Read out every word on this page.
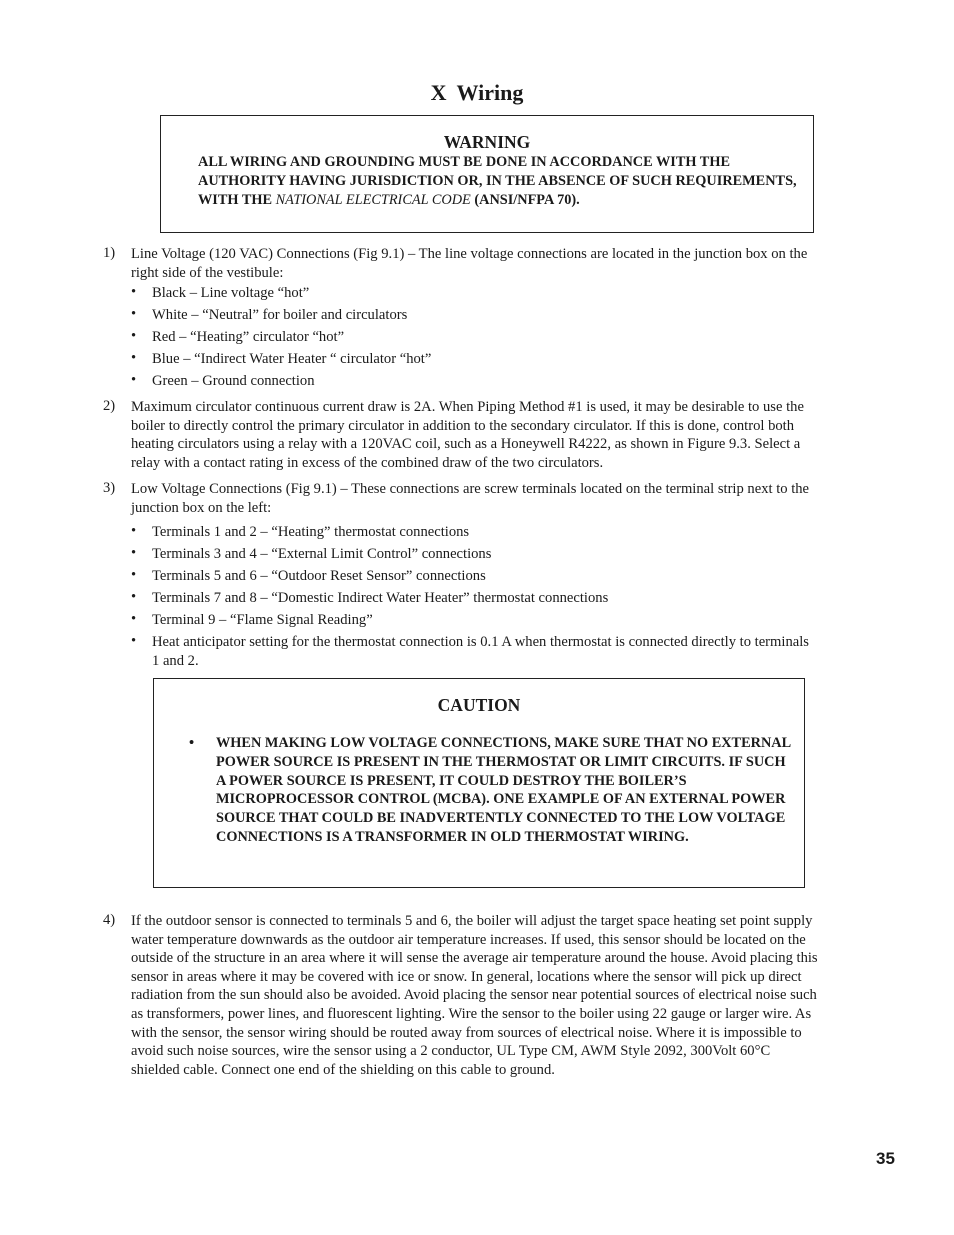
X Wiring
WARNING
ALL WIRING AND GROUNDING MUST BE DONE IN ACCORDANCE WITH THE AUTHORITY HAVING JURISDICTION OR, IN THE ABSENCE OF SUCH REQUIREMENTS, WITH THE NATIONAL ELECTRICAL CODE (ANSI/NFPA 70).
1)	Line Voltage (120 VAC) Connections (Fig 9.1) – The line voltage connections are located in the junction box on the right side of the vestibule:
• Black – Line voltage “hot”
• White – “Neutral” for boiler and circulators
• Red – “Heating” circulator “hot”
• Blue – “Indirect Water Heater “ circulator “hot”
• Green – Ground connection
2)	Maximum circulator continuous current draw is 2A. When Piping Method #1 is used, it may be desirable to use the boiler to directly control the primary circulator in addition to the secondary circulator. If this is done, control both heating circulators using a relay with a 120VAC coil, such as a Honeywell R4222, as shown in Figure 9.3. Select a relay with a contact rating in excess of the combined draw of the two circulators.
3)	Low Voltage Connections (Fig 9.1) – These connections are screw terminals located on the terminal strip next to the junction box on the left:
• Terminals 1 and 2 – “Heating” thermostat connections
• Terminals 3 and 4 – “External Limit Control” connections
• Terminals 5 and 6 – “Outdoor Reset Sensor” connections
• Terminals 7 and 8 – “Domestic Indirect Water Heater” thermostat connections
• Terminal 9 – “Flame Signal Reading”
• Heat anticipator setting for the thermostat connection is 0.1 A when thermostat is connected directly to terminals 1 and 2.
CAUTION
• WHEN MAKING LOW VOLTAGE CONNECTIONS, MAKE SURE THAT NO EXTERNAL POWER SOURCE IS PRESENT IN THE THERMOSTAT OR LIMIT CIRCUITS. IF SUCH A POWER SOURCE IS PRESENT, IT COULD DESTROY THE BOILER’S MICROPROCESSOR CONTROL (MCBA). ONE EXAMPLE OF AN EXTERNAL POWER SOURCE THAT COULD BE INADVERTENTLY CONNECTED TO THE LOW VOLTAGE CONNECTIONS IS A TRANSFORMER IN OLD THERMOSTAT WIRING.
4)	If the outdoor sensor is connected to terminals 5 and 6, the boiler will adjust the target space heating set point supply water temperature downwards as the outdoor air temperature increases. If used, this sensor should be located on the outside of the structure in an area where it will sense the average air temperature around the house. Avoid placing this sensor in areas where it may be covered with ice or snow. In general, locations where the sensor will pick up direct radiation from the sun should also be avoided. Avoid placing the sensor near potential sources of electrical noise such as transformers, power lines, and fluorescent lighting. Wire the sensor to the boiler using 22 gauge or larger wire. As with the sensor, the sensor wiring should be routed away from sources of electrical noise. Where it is impossible to avoid such noise sources, wire the sensor using a 2 conductor, UL Type CM, AWM Style 2092, 300Volt 60°C shielded cable. Connect one end of the shielding on this cable to ground.
35
